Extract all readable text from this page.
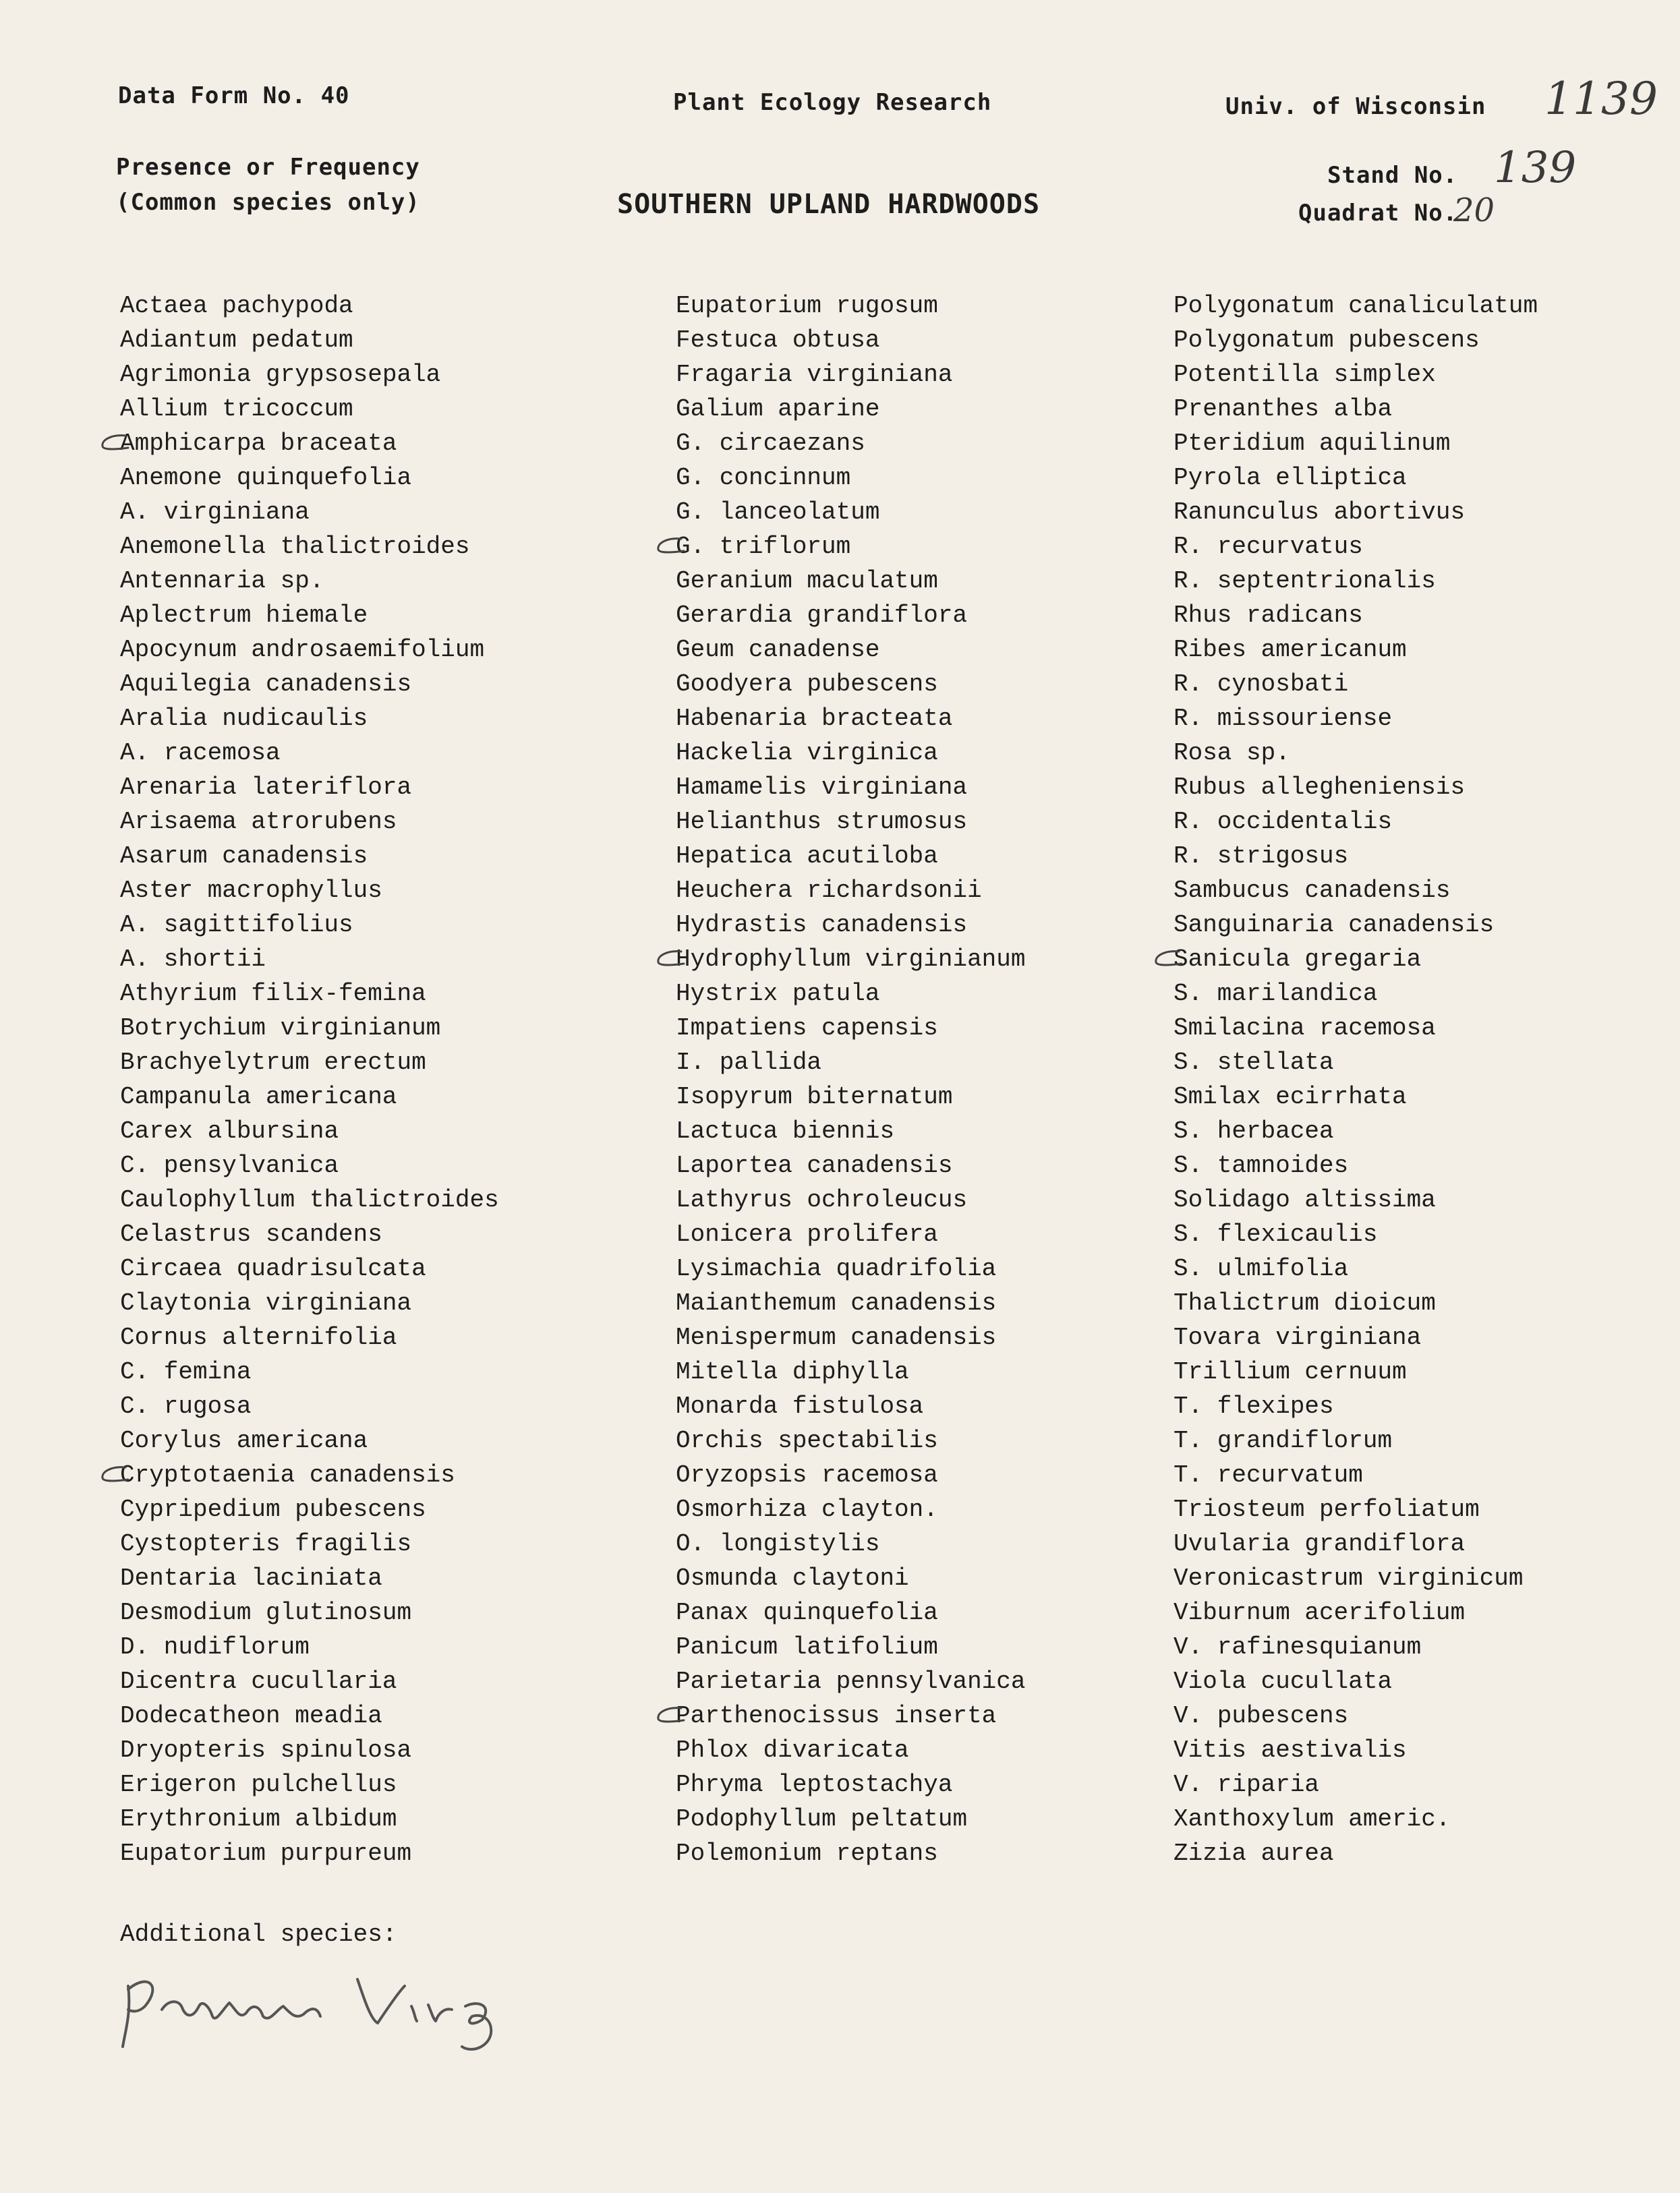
Data Form No. 40	Plant Ecology Research	Univ. of Wisconsin 1139
Presence or Frequency
(Common species only)	SOUTHERN UPLAND HARDWOODS
Stand No. 139
Quadrat No.
20
Actaea pachypoda
Adiantum pedatum
Agrimonia grypsosepala
Allium tricoccum
Amphicarpa braceata
Anemone quinquefolia
A. virginiana
Anemonella thalictroides
Antennaria sp.
Aplectrum hiemale
Apocynum androsaemifolium
Aquilegia canadensis
Aralia nudicaulis
A. racemosa
Arenaria lateriflora
Arisaema atrorubens
Asarum canadensis
Aster macrophyllus
A. sagittifolius
A. shortii
Athyrium filix-femina
Botrychium virginianum
Brachyelytrum erectum
Campanula americana
Carex albursina
C. pensylvanica
Caulophyllum thalictroides
Celastrus scandens
Circaea quadrisulcata
Claytonia virginiana
Cornus alternifolia
C. femina
C. rugosa
Corylus americana
Cryptotaenia canadensis
Cypripedium pubescens
Cystopteris fragilis
Dentaria laciniata
Desmodium glutinosum
D. nudiflorum
Dicentra cucullaria
Dodecatheon meadia
Dryopteris spinulosa
Erigeron pulchellus
Erythronium albidum
Eupatorium purpureum
Eupatorium rugosum
Festuca obtusa
Fragaria virginiana
Galium aparine
G. circaezans
G. concinnum
G. lanceolatum
G. triflorum
Geranium maculatum
Gerardia grandiflora
Geum canadense
Goodyera pubescens
Habenaria bracteata
Hackelia virginica
Hamamelis virginiana
Helianthus strumosus
Hepatica acutiloba
Heuchera richardsonii
Hydrastis canadensis
Hydrophyllum virginianum
Hystrix patula
Impatiens capensis
I. pallida
Isopyrum biternatum
Lactuca biennis
Laportea canadensis
Lathyrus ochroleucus
Lonicera prolifera
Lysimachia quadrifolia
Maianthemum canadensis
Menispermum canadensis
Mitella diphylla
Monarda fistulosa
Orchis spectabilis
Oryzopsis racemosa
Osmorhiza clayton.
O. longistylis
Osmunda claytoni
Panax quinquefolia
Panicum latifolium
Parietaria pennsylvanica
Parthenocissus inserta
Phlox divaricata
Phryma leptostachya
Podophyllum peltatum
Polemonium reptans
Polygonatum canaliculatum
Polygonatum pubescens
Potentilla simplex
Prenanthes alba
Pteridium aquilinum
Pyrola elliptica
Ranunculus abortivus
R. recurvatus
R. septentrionalis
Rhus radicans
Ribes americanum
R. cynosbati
R. missouriense
Rosa sp.
Rubus allegheniensis
R. occidentalis
R. strigosus
Sambucus canadensis
Sanguinaria canadensis
Sanicula gregaria
S. marilandica
Smilacina racemosa
S. stellata
Smilax ecirrhata
S. herbacea
S. tamnoides
Solidago altissima
S. flexicaulis
S. ulmifolia
Thalictrum dioicum
Tovara virginiana
Trillium cernuum
T. flexipes
T. grandiflorum
T. recurvatum
Triosteum perfoliatum
Uvularia grandiflora
Veronicastrum virginicum
Viburnum acerifolium
V. rafinesquianum
Viola cucullata
V. pubescens
Vitis aestivalis
V. riparia
Xanthoxylum americ.
Zizia aurea
Additional species:
